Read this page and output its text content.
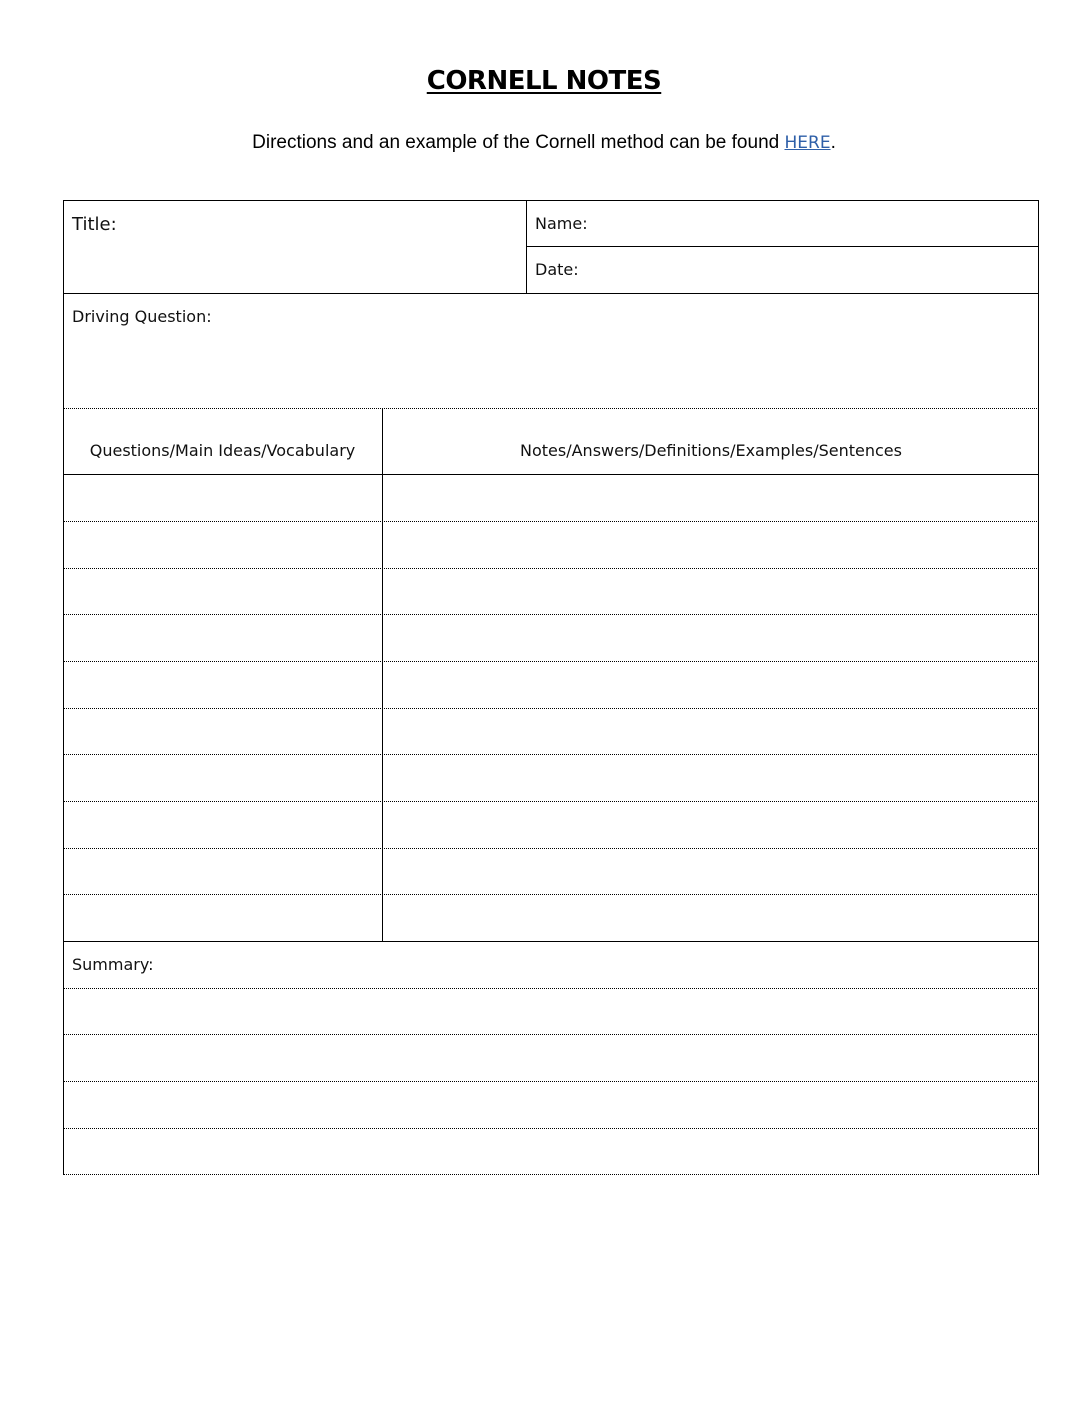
CORNELL NOTES
Directions and an example of the Cornell method can be found HERE.
Title:	Name:
Date:
Driving Question:
Questions/Main Ideas/Vocabulary	Notes/Answers/Definitions/Examples/Sentences
Summary:
